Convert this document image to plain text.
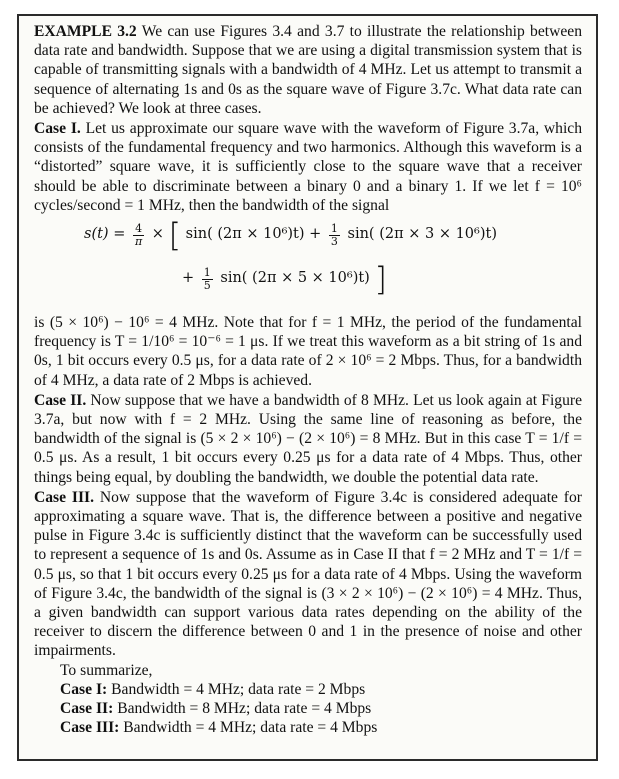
EXAMPLE 3.2 We can use Figures 3.4 and 3.7 to illustrate the relationship between data rate and bandwidth. Suppose that we are using a digital transmission system that is capable of transmitting signals with a bandwidth of 4 MHz. Let us attempt to transmit a sequence of alternating 1s and 0s as the square wave of Figure 3.7c. What data rate can be achieved? We look at three cases.

Case I. Let us approximate our square wave with the waveform of Figure 3.7a, which consists of the fundamental frequency and two harmonics. Although this waveform is a “distorted” square wave, it is sufficiently close to the square wave that a receiver should be able to discriminate between a binary 0 and a binary 1. If we let f = 10⁶ cycles/second = 1 MHz, then the bandwidth of the signal

$s(t) = \frac{4}{\pi}$ × [ sin( $(2\pi \times 10^6)t) + \frac{1}{3} \sin$( (2π × 3 × 10⁶)t)
+ $\frac{1}{5} \sin$( (2π × 5 × 10⁶)t) ]

is (5 × 10⁶) − 10⁶ = 4 MHz. Note that for f = 1 MHz, the period of the fundamental frequency is T = 1/10⁶ = 10⁻⁶ = 1 μs. If we treat this waveform as a bit string of 1s and 0s, 1 bit occurs every 0.5 μs, for a data rate of 2 × 10⁶ = 2 Mbps. Thus, for a bandwidth of 4 MHz, a data rate of 2 Mbps is achieved.

Case II. Now suppose that we have a bandwidth of 8 MHz. Let us look again at Figure 3.7a, but now with f = 2 MHz. Using the same line of reasoning as before, the bandwidth of the signal is (5 × 2 × 10⁶) − (2 × 10⁶) = 8 MHz. But in this case T = 1/f = 0.5 μs. As a result, 1 bit occurs every 0.25 μs for a data rate of 4 Mbps. Thus, other things being equal, by doubling the bandwidth, we double the potential data rate.

Case III. Now suppose that the waveform of Figure 3.4c is considered adequate for approximating a square wave. That is, the difference between a positive and negative pulse in Figure 3.4c is sufficiently distinct that the waveform can be successfully used to represent a sequence of 1s and 0s. Assume as in Case II that f = 2 MHz and T = 1/f = 0.5 μs, so that 1 bit occurs every 0.25 μs for a data rate of 4 Mbps. Using the waveform of Figure 3.4c, the bandwidth of the signal is (3 × 2 × 10⁶) − (2 × 10⁶) = 4 MHz. Thus, a given bandwidth can support various data rates depending on the ability of the receiver to discern the difference between 0 and 1 in the presence of noise and other impairments.

To summarize,
Case I: Bandwidth = 4 MHz; data rate = 2 Mbps
Case II: Bandwidth = 8 MHz; data rate = 4 Mbps
Case III: Bandwidth = 4 MHz; data rate = 4 Mbps
